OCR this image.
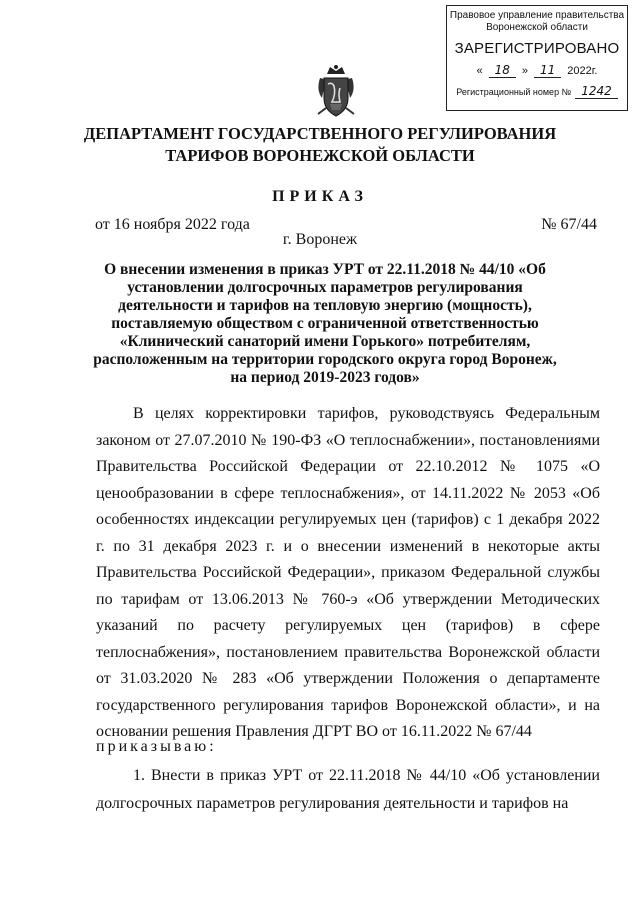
Правовое управление правительства
Воронежской области
ЗАРЕГИСТРИРОВАНО
«	18	»	11	2022г.
Регистрационный номер № 1242
ДЕПАРТАМЕНТ ГОСУДАРСТВЕННОГО РЕГУЛИРОВАНИЯ
ТАРИФОВ ВОРОНЕЖСКОЙ ОБЛАСТИ
ПРИКАЗ
от 16 ноября 2022 года	№ 67/44
г. Воронеж
О внесении изменения в приказ УРТ от 22.11.2018 № 44/10 «Об установлении долгосрочных параметров регулирования деятельности и тарифов на тепловую энергию (мощность), поставляемую обществом с ограниченной ответственностью «Клинический санаторий имени Горького» потребителям, расположенным на территории городского округа город Воронеж, на период 2019-2023 годов»

В целях корректировки тарифов, руководствуясь Федеральным законом от 27.07.2010 № 190-ФЗ «О теплоснабжении», постановлениями Правительства Российской Федерации от 22.10.2012 № 1075 «О ценообразовании в сфере теплоснабжения», от 14.11.2022 № 2053 «Об особенностях индексации регулируемых цен (тарифов) с 1 декабря 2022 г. по 31 декабря 2023 г. и о внесении изменений в некоторые акты Правительства Российской Федерации», приказом Федеральной службы по тарифам от 13.06.2013 № 760-э «Об утверждении Методических указаний по расчету регулируемых цен (тарифов) в сфере теплоснабжения», постановлением правительства Воронежской области от 31.03.2020 № 283 «Об утверждении Положения о департаменте государственного регулирования тарифов Воронежской области», и на основании решения Правления ДГРТ ВО от 16.11.2022 № 67/44

приказываю:
1. Внести в приказ УРТ от 22.11.2018 № 44/10 «Об установлении долгосрочных параметров регулирования деятельности и тарифов на
